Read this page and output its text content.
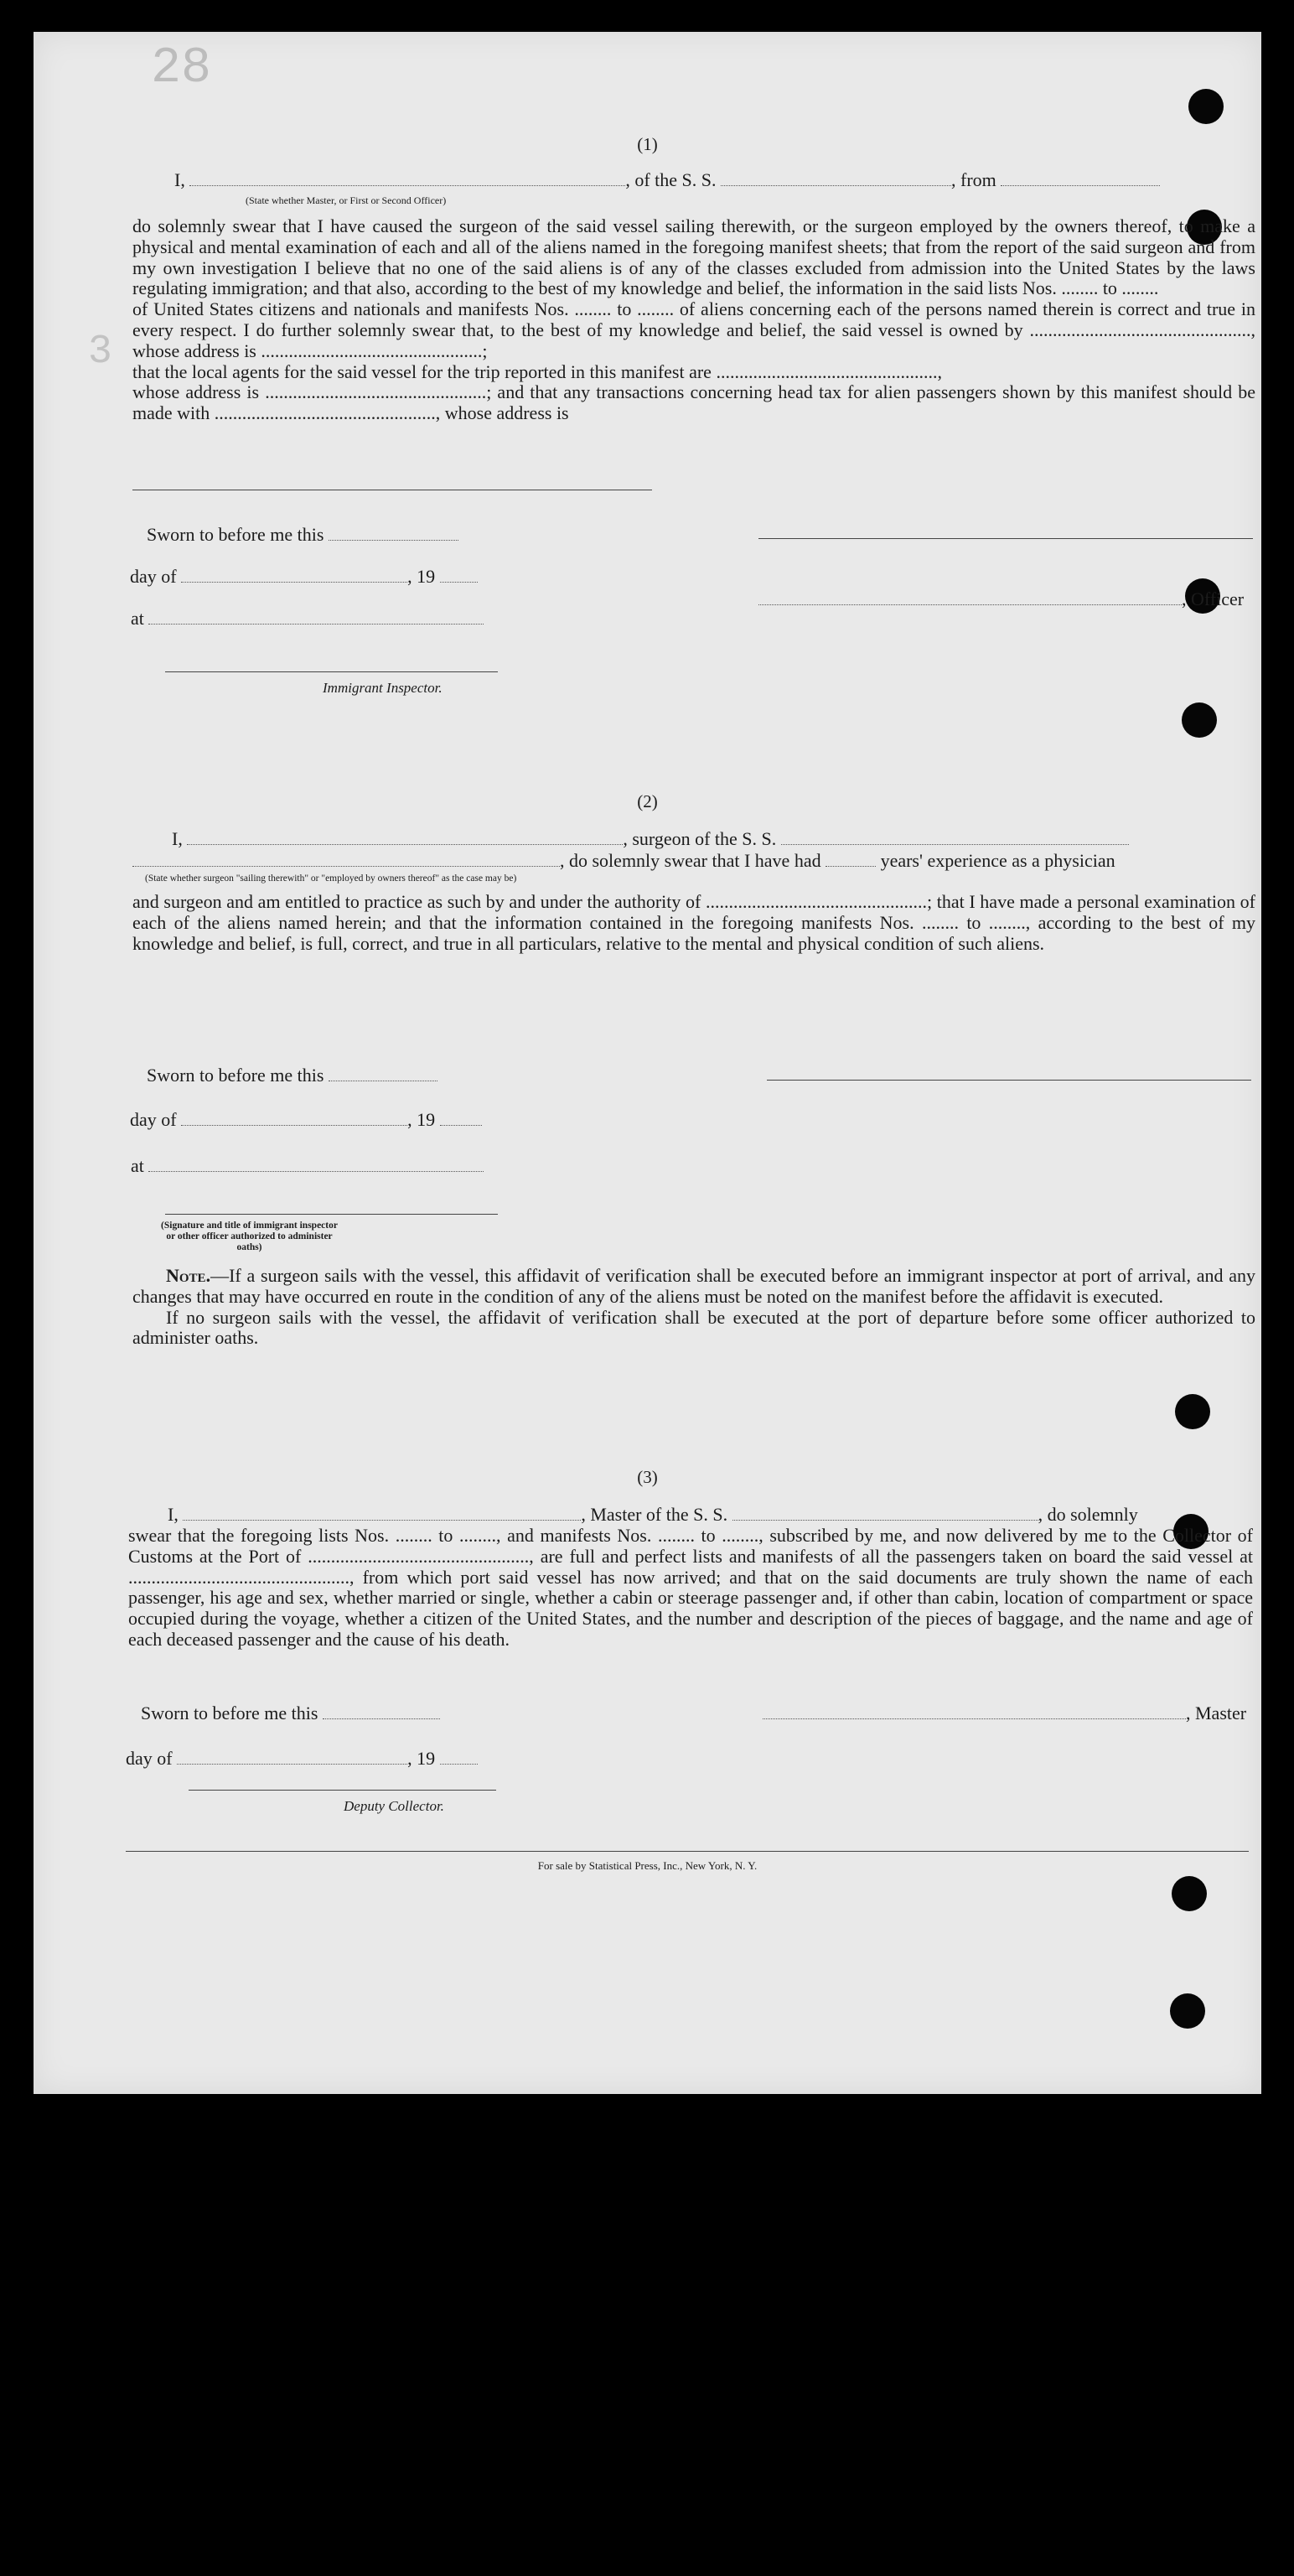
28
3
(1)
I,	, of the S. S.	, from
(State whether Master, or First or Second Officer)

do solemnly swear that I have caused the surgeon of the said vessel sailing therewith, or the surgeon employed by the owners thereof, to make a physical and mental examination of each and all of the aliens named in the foregoing manifest sheets; that from the report of the said surgeon and from my own investigation I believe that no one of the said aliens is of any of the classes excluded from admission into the United States by the laws regulating immigration; and that also, according to the best of my knowledge and belief, the information in the said lists Nos. ........ to ........

of United States citizens and nationals and manifests Nos. ........ to ........ of aliens concerning each of the persons named therein is correct and true in every respect. I do further solemnly swear that, to the best of my knowledge and belief, the said vessel is owned by ................................................, whose address is ................................................;

that the local agents for the said vessel for the trip reported in this manifest are ................................................,

whose address is ................................................; and that any transactions concerning head tax for alien passengers shown by this manifest should be made with ................................................, whose address is

Sworn to before me this
day of	, 19
, Officer
at
Immigrant Inspector.
(2)
I,	, surgeon of the S. S.
, do solemnly swear that I have had	years' experience as a physician
(State whether surgeon "sailing therewith" or "employed by owners thereof" as the case may be)
and surgeon and am entitled to practice as such by and under the authority of ................................................; that I have made a personal examination of each of the aliens named herein; and that the information contained in the foregoing manifests Nos. ........ to ........, according to the best of my knowledge and belief, is full, correct, and true in all particulars, relative to the mental and physical condition of such aliens.
Sworn to before me this
day of	, 19
at
(Signature and title of immigrant inspector or other officer authorized to administer oaths)

Note.—If a surgeon sails with the vessel, this affidavit of verification shall be executed before an immigrant inspector at port of arrival, and any changes that may have occurred en route in the condition of any of the aliens must be noted on the manifest before the affidavit is executed.

If no surgeon sails with the vessel, the affidavit of verification shall be executed at the port of departure before some officer authorized to administer oaths.

(3)
I,	, Master of the S. S.	, do solemnly
swear that the foregoing lists Nos. ........ to ........, and manifests Nos. ........ to ........, subscribed by me, and now delivered by me to the Collector of Customs at the Port of ................................................, are full and perfect lists and manifests of all the passengers taken on board the said vessel at ................................................, from which port said vessel has now arrived; and that on the said documents are truly shown the name of each passenger, his age and sex, whether married or single, whether a cabin or steerage passenger and, if other than cabin, location of compartment or space occupied during the voyage, whether a citizen of the United States, and the number and description of the pieces of baggage, and the name and age of each deceased passenger and the cause of his death.
Sworn to before me this	, Master
day of	, 19
Deputy Collector.
For sale by Statistical Press, Inc., New York, N. Y.
